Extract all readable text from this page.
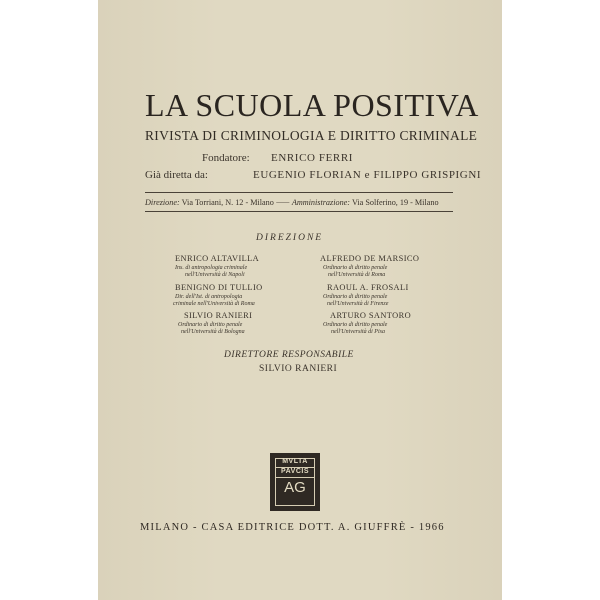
LA SCUOLA POSITIVA
RIVISTA DI CRIMINOLOGIA E DIRITTO CRIMINALE
Fondatore: ENRICO FERRI
Già diretta da:	EUGENIO FLORIAN e FILIPPO GRISPIGNI
Direzione: Via Torriani, N. 12 - Milano ⸺ Amministrazione: Via Solferino, 19 - Milano
DIREZIONE
ENRICO ALTAVILLA
Ins. di antropologia criminale
nell'Università di Napoli
ALFREDO DE MARSICO
Ordinario di diritto penale
nell'Università di Roma
BENIGNO DI TULLIO
Dir. dell'Ist. di antropologia
criminale nell'Università di Roma
RAOUL A. FROSALI
Ordinario di diritto penale
nell'Università di Firenze
SILVIO RANIERI
Ordinario di diritto penale
nell'Università di Bologna
ARTURO SANTORO
Ordinario di diritto penale
nell'Università di Pisa
DIRETTORE RESPONSABILE
SILVIO RANIERI
MVLTA
PAVCIS
AG
MILANO - CASA EDITRICE DOTT. A. GIUFFRÈ - 1966
